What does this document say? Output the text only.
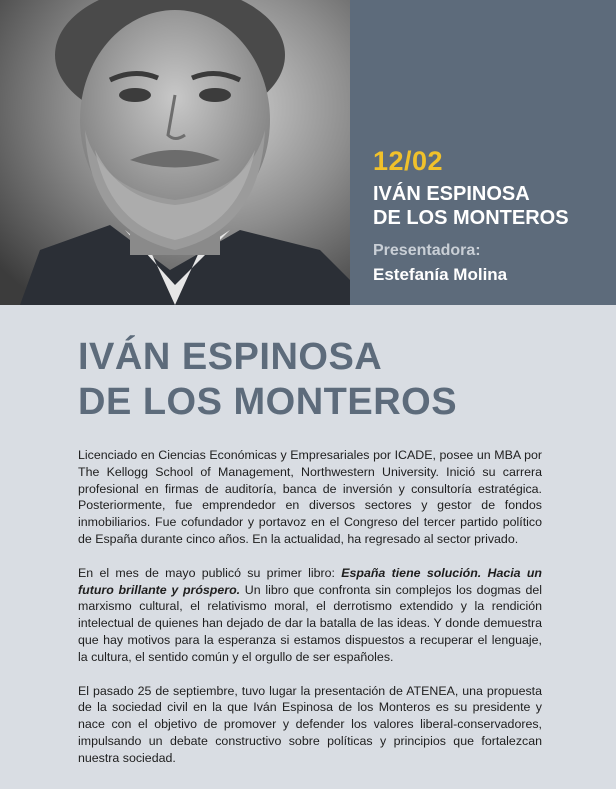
12/02
IVÁN ESPINOSA
DE LOS MONTEROS
Presentadora:
Estefanía Molina
IVÁN ESPINOSA
DE LOS MONTEROS

Licenciado en Ciencias Económicas y Empresariales por ICADE, posee un MBA por The Kellogg School of Management, Northwestern University. Inició su carrera profesional en firmas de auditoría, banca de inversión y consultoría estratégica. Posteriormente, fue emprendedor en diversos sectores y gestor de fondos inmobiliarios. Fue cofundador y portavoz en el Congreso del tercer partido político de España durante cinco años. En la actualidad, ha regresado al sector privado.

En el mes de mayo publicó su primer libro: España tiene solución. Hacia un futuro brillante y próspero. Un libro que confronta sin complejos los dogmas del marxismo cultural, el relativismo moral, el derrotismo extendido y la rendición intelectual de quienes han dejado de dar la batalla de las ideas. Y donde demuestra que hay motivos para la esperanza si estamos dispuestos a recuperar el lenguaje, la cultura, el sentido común y el orgullo de ser españoles.

El pasado 25 de septiembre, tuvo lugar la presentación de ATENEA, una propuesta de la sociedad civil en la que Iván Espinosa de los Monteros es su presidente y nace con el objetivo de promover y defender los valores liberal-conservadores, impulsando un debate constructivo sobre políticas y principios que fortalezcan nuestra sociedad.
